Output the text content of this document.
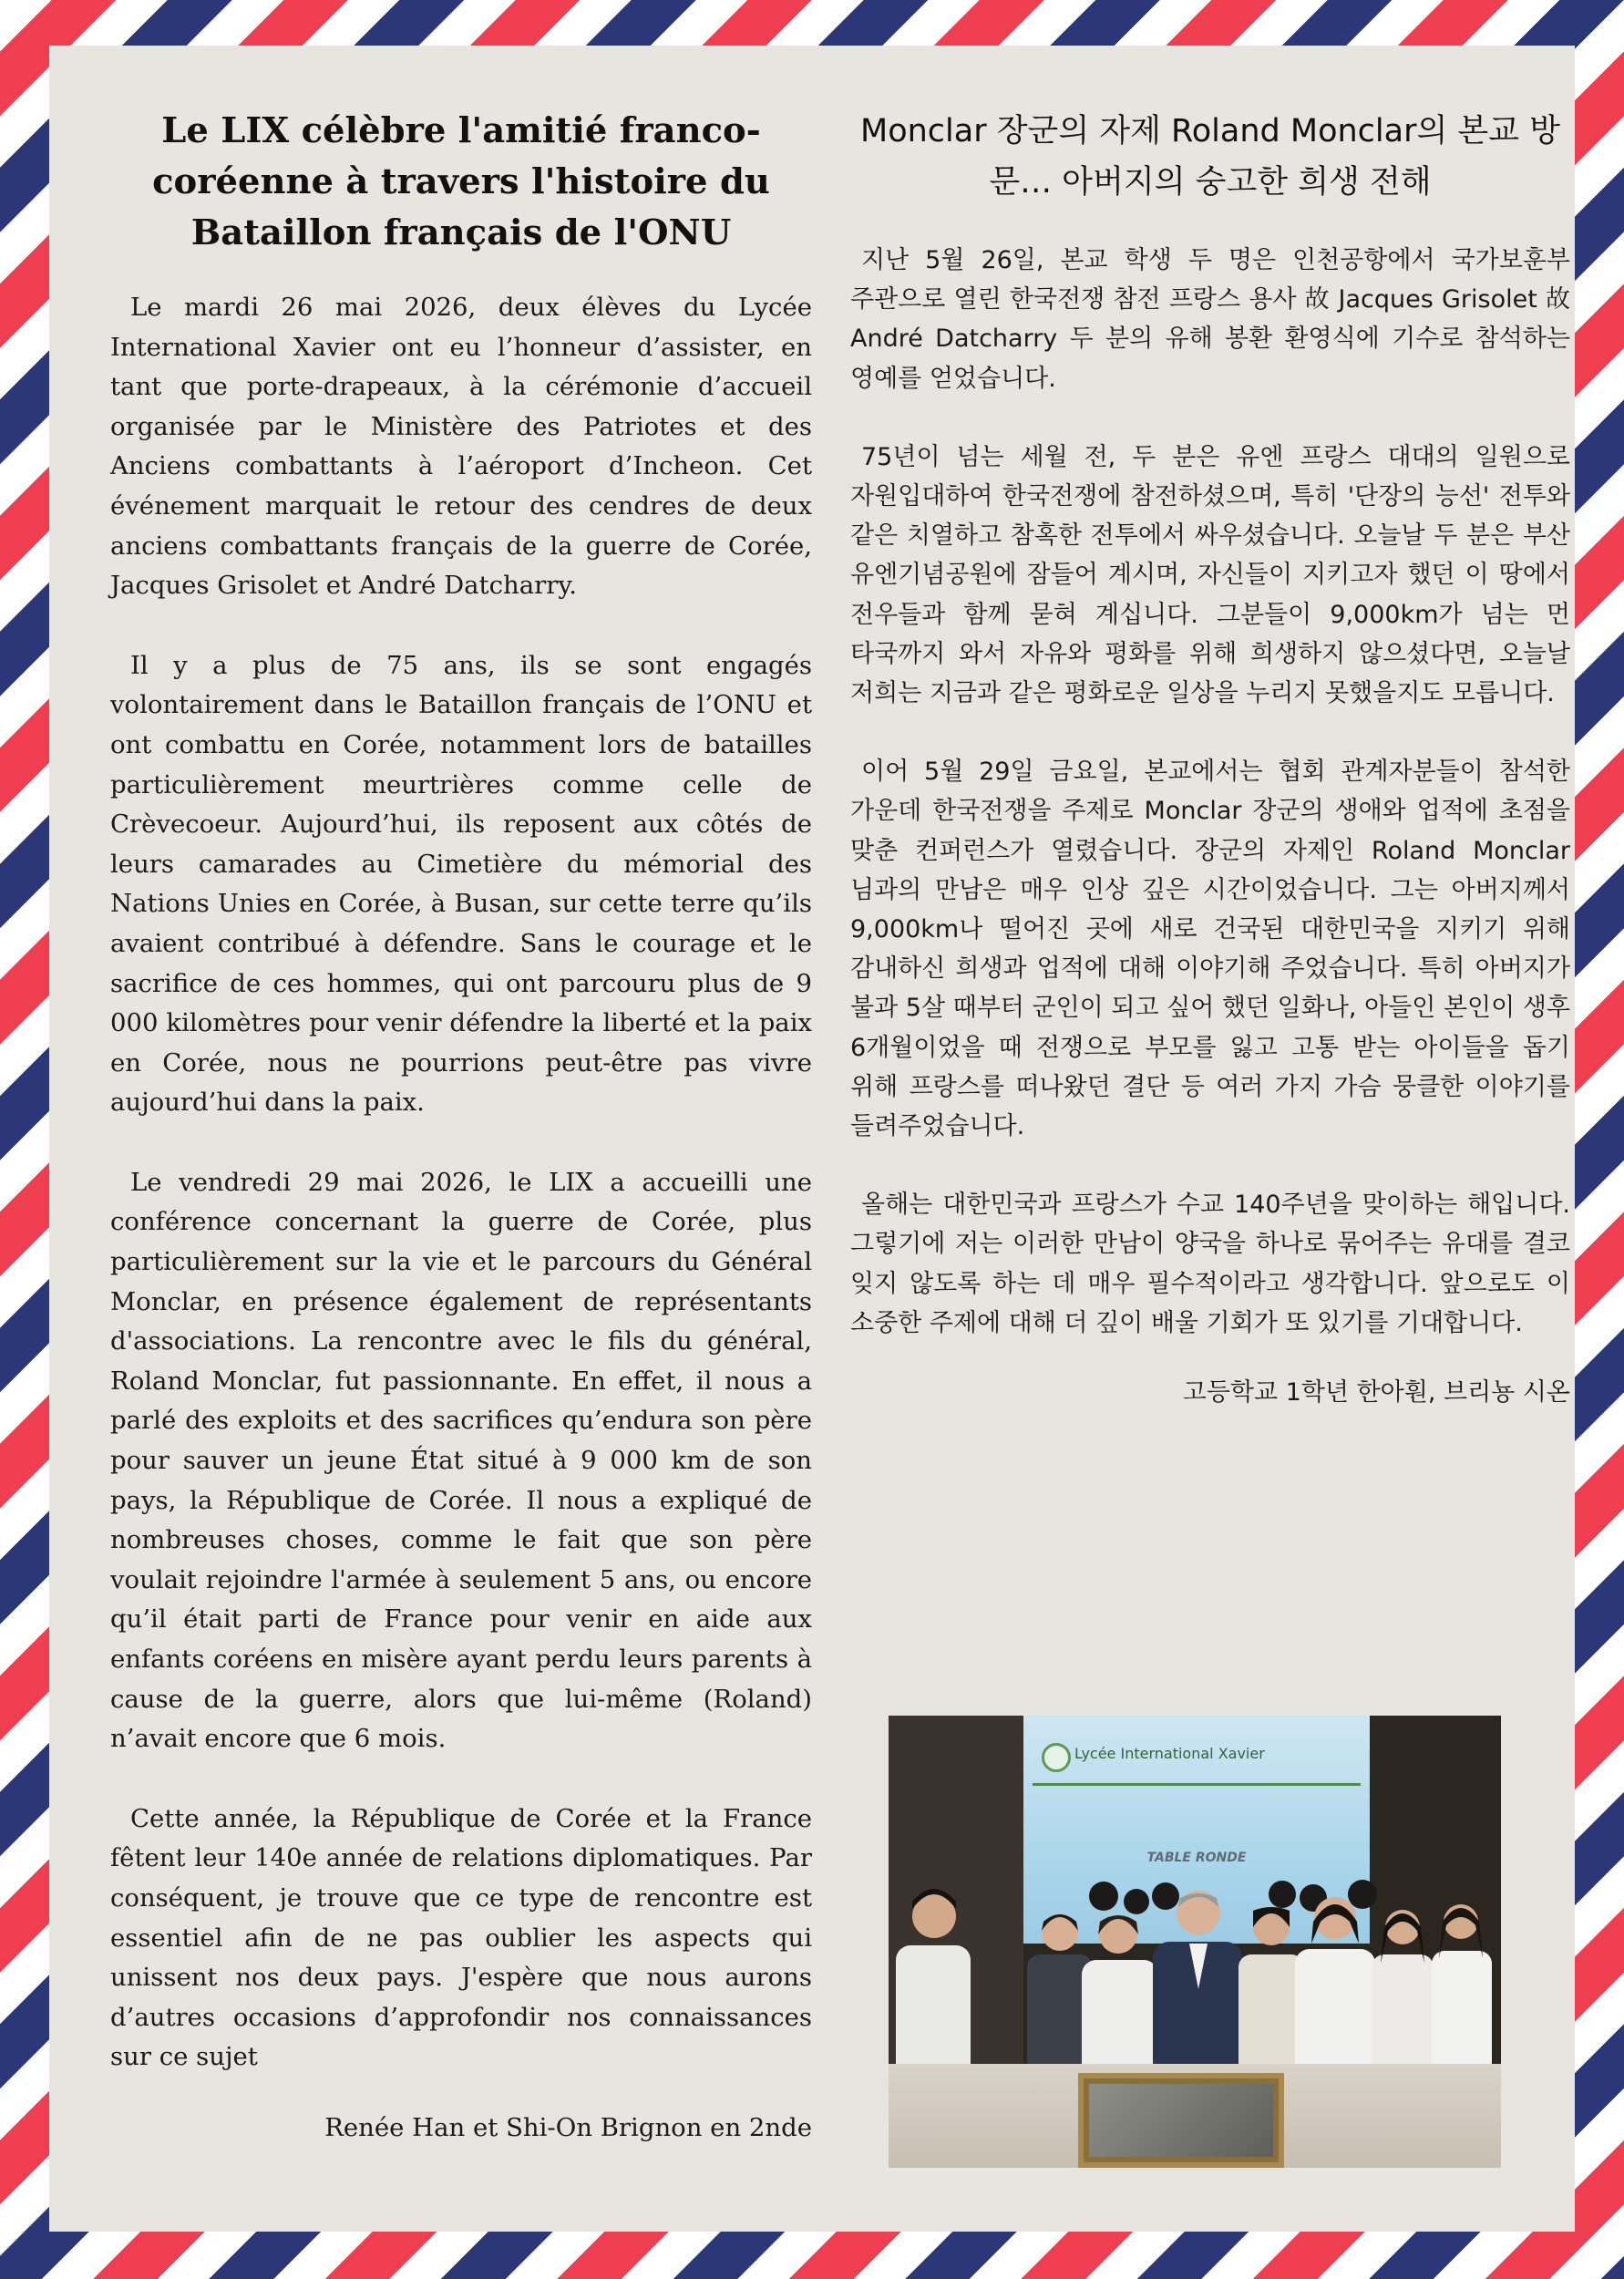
Le LIX célèbre l'amitié franco-coréenne à travers l'histoire du Bataillon français de l'ONU

Le mardi 26 mai 2026, deux élèves du Lycée International Xavier ont eu l’honneur d’assister, en tant que porte-drapeaux, à la cérémonie d’accueil organisée par le Ministère des Patriotes et des Anciens combattants à l’aéroport d’Incheon. Cet événement marquait le retour des cendres de deux anciens combattants français de la guerre de Corée, Jacques Grisolet et André Datcharry.

Il y a plus de 75 ans, ils se sont engagés volontairement dans le Bataillon français de l’ONU et ont combattu en Corée, notamment lors de batailles particulièrement meurtrières comme celle de Crèvecoeur. Aujourd’hui, ils reposent aux côtés de leurs camarades au Cimetière du mémorial des Nations Unies en Corée, à Busan, sur cette terre qu’ils avaient contribué à défendre. Sans le courage et le sacrifice de ces hommes, qui ont parcouru plus de 9 000 kilomètres pour venir défendre la liberté et la paix en Corée, nous ne pourrions peut-être pas vivre aujourd’hui dans la paix.

Le vendredi 29 mai 2026, le LIX a accueilli une conférence concernant la guerre de Corée, plus particulièrement sur la vie et le parcours du Général Monclar, en présence également de représentants d'associations. La rencontre avec le fils du général, Roland Monclar, fut passionnante. En effet, il nous a parlé des exploits et des sacrifices qu’endura son père pour sauver un jeune État situé à 9 000 km de son pays, la République de Corée. Il nous a expliqué de nombreuses choses, comme le fait que son père voulait rejoindre l'armée à seulement 5 ans, ou encore qu’il était parti de France pour venir en aide aux enfants coréens en misère ayant perdu leurs parents à cause de la guerre, alors que lui-même (Roland) n’avait encore que 6 mois.

Cette année, la République de Corée et la France fêtent leur 140e année de relations diplomatiques. Par conséquent, je trouve que ce type de rencontre est essentiel afin de ne pas oublier les aspects qui unissent nos deux pays. J'espère que nous aurons d’autres occasions d’approfondir nos connaissances sur ce sujet

Renée Han et Shi-On Brignon en 2nde
Monclar 장군의 자제 Roland Monclar의 본교 방문… 아버지의 숭고한 희생 전해

지난 5월 26일, 본교 학생 두 명은 인천공항에서 국가보훈부 주관으로 열린 한국전쟁 참전 프랑스 용사 故 Jacques Grisolet 故 André Datcharry 두 분의 유해 봉환 환영식에 기수로 참석하는 영예를 얻었습니다.

75년이 넘는 세월 전, 두 분은 유엔 프랑스 대대의 일원으로 자원입대하여 한국전쟁에 참전하셨으며, 특히 '단장의 능선' 전투와 같은 치열하고 참혹한 전투에서 싸우셨습니다. 오늘날 두 분은 부산 유엔기념공원에 잠들어 계시며, 자신들이 지키고자 했던 이 땅에서 전우들과 함께 묻혀 계십니다. 그분들이 9,000km가 넘는 먼 타국까지 와서 자유와 평화를 위해 희생하지 않으셨다면, 오늘날 저희는 지금과 같은 평화로운 일상을 누리지 못했을지도 모릅니다.

이어 5월 29일 금요일, 본교에서는 협회 관계자분들이 참석한 가운데 한국전쟁을 주제로 Monclar 장군의 생애와 업적에 초점을 맞춘 컨퍼런스가 열렸습니다. 장군의 자제인 Roland Monclar 님과의 만남은 매우 인상 깊은 시간이었습니다. 그는 아버지께서 9,000km나 떨어진 곳에 새로 건국된 대한민국을 지키기 위해 감내하신 희생과 업적에 대해 이야기해 주었습니다. 특히 아버지가 불과 5살 때부터 군인이 되고 싶어 했던 일화나, 아들인 본인이 생후 6개월이었을 때 전쟁으로 부모를 잃고 고통 받는 아이들을 돕기 위해 프랑스를 떠나왔던 결단 등 여러 가지 가슴 뭉클한 이야기를 들려주었습니다.

올해는 대한민국과 프랑스가 수교 140주년을 맞이하는 해입니다. 그렇기에 저는 이러한 만남이 양국을 하나로 묶어주는 유대를 결코 잊지 않도록 하는 데 매우 필수적이라고 생각합니다. 앞으로도 이 소중한 주제에 대해 더 깊이 배울 기회가 또 있기를 기대합니다.

고등학교 1학년 한아훤, 브리뇽 시온
Lycée International Xavier
TABLE RONDE
